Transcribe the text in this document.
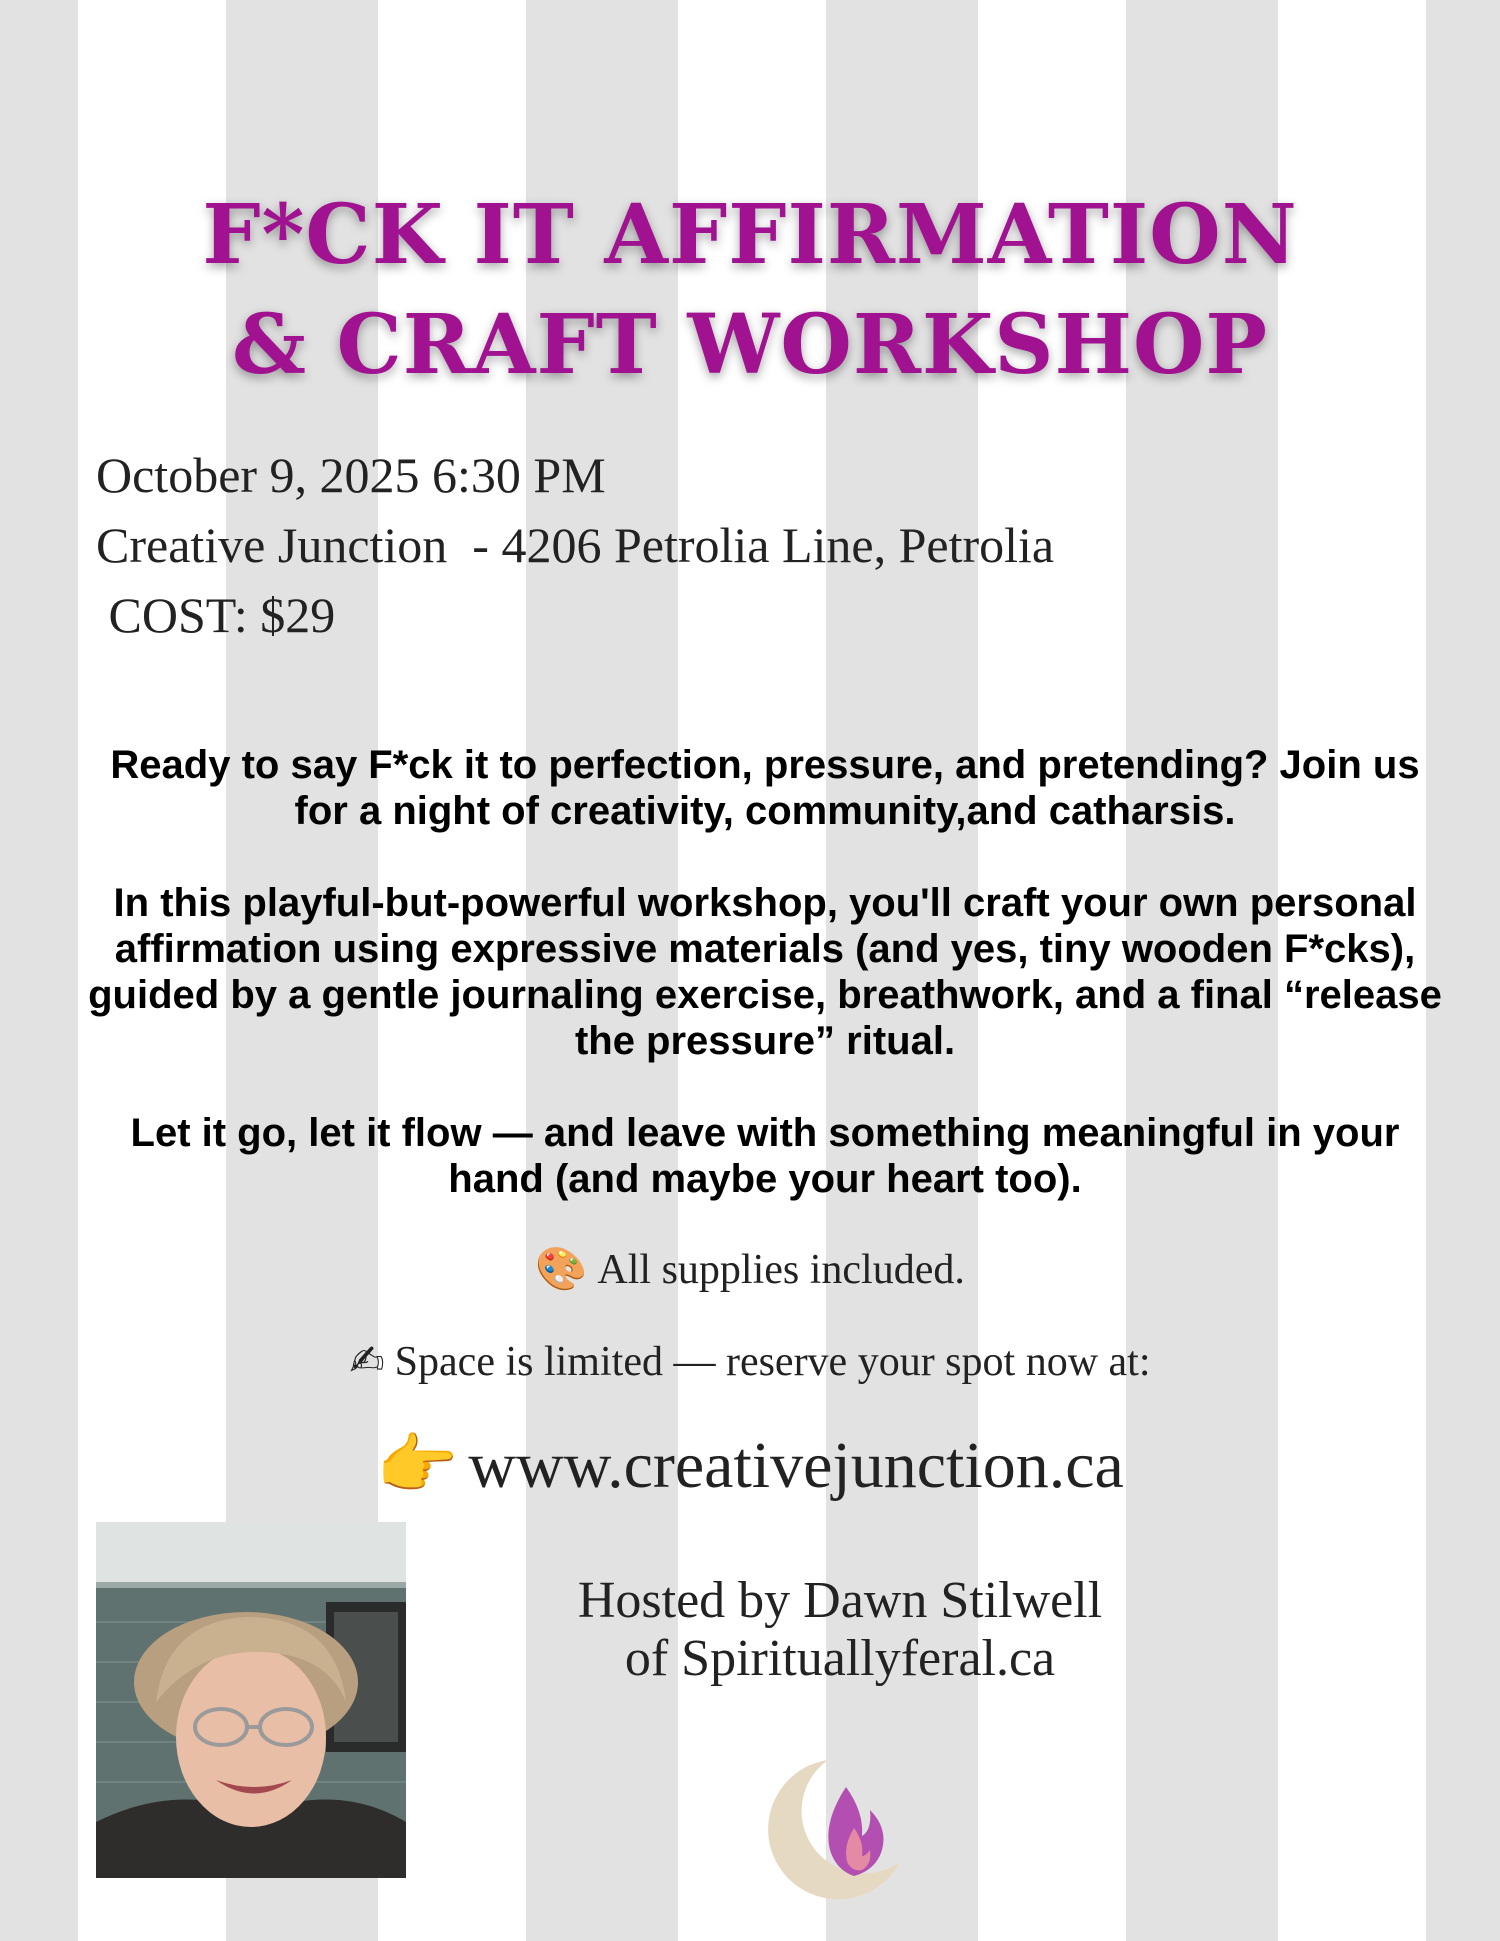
F*CK IT AFFIRMATION
& CRAFT WORKSHOP
October 9, 2025 6:30 PM
Creative Junction  - 4206 Petrolia Line, Petrolia
COST: $29

Ready to say F*ck it to perfection, pressure, and pretending? Join us for a night of creativity, community,and catharsis.

In this playful-but-powerful workshop, you'll craft your own personal affirmation using expressive materials (and yes, tiny wooden F*cks), guided by a gentle journaling exercise, breathwork, and a final “release the pressure” ritual.

Let it go, let it flow — and leave with something meaningful in your hand (and maybe your heart too).

🎨 All supplies included.
✍ Space is limited — reserve your spot now at:
👉 www.creativejunction.ca
Hosted by Dawn Stilwell
of Spirituallyferal.ca
